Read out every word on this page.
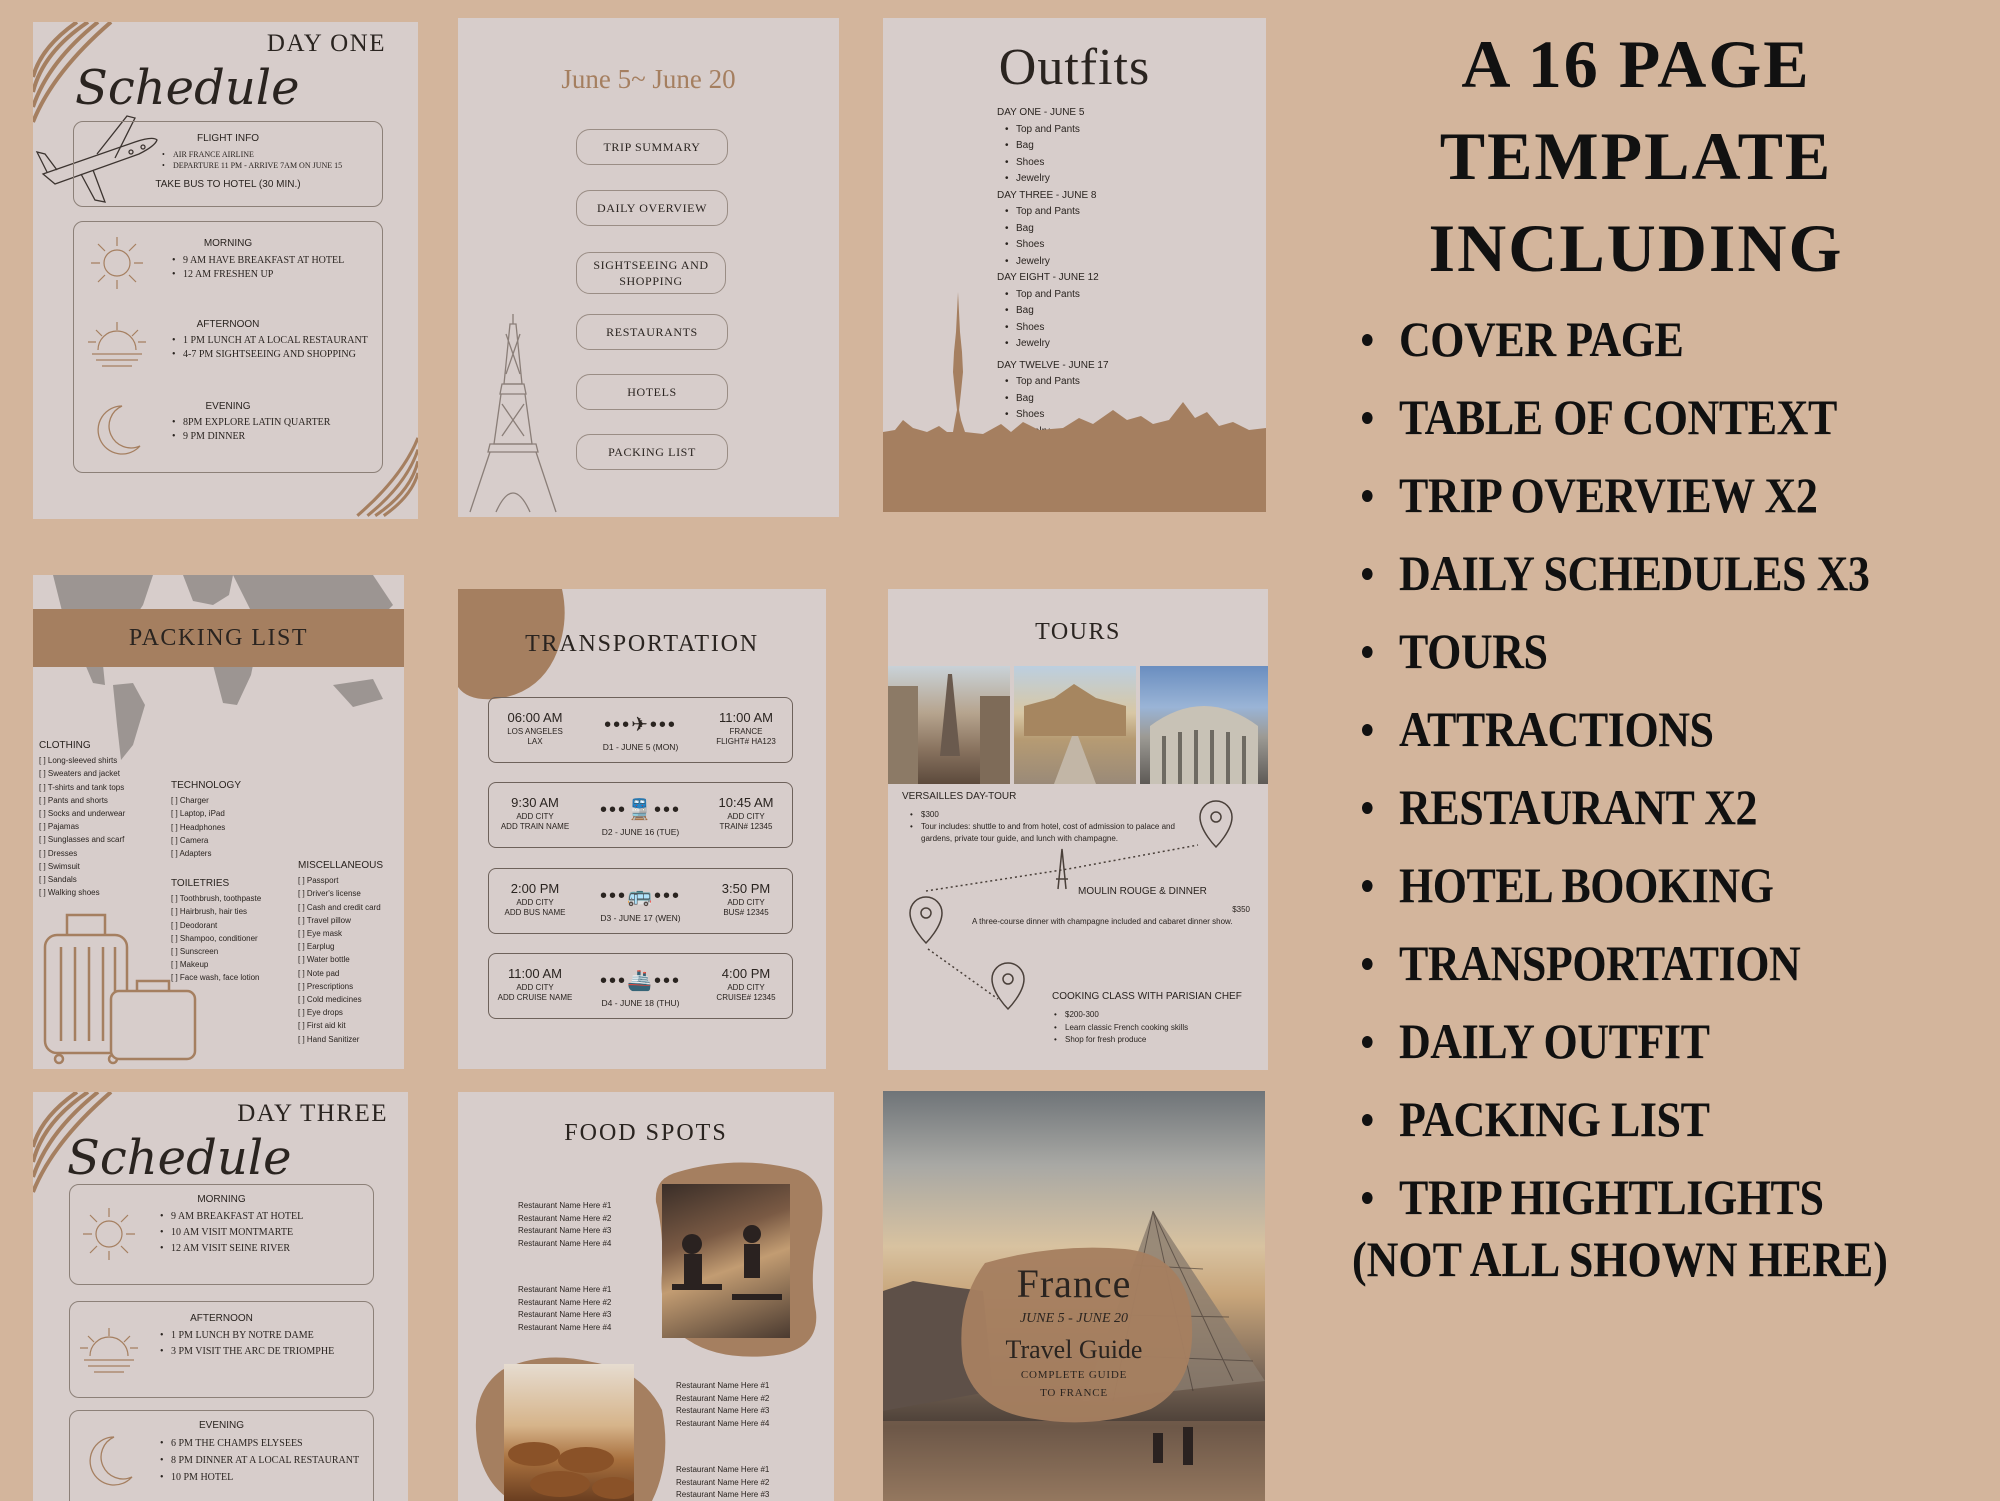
DAY ONE
Schedule
FLIGHT INFO
• AIR FRANCE AIRLINE
• DEPARTURE 11 PM - ARRIVE 7AM ON JUNE 15
TAKE BUS TO HOTEL (30 MIN.)
MORNING
• 9 AM HAVE BREAKFAST AT HOTEL
• 12 AM FRESHEN UP
AFTERNOON
• 1 PM LUNCH AT A LOCAL RESTAURANT
• 4-7 PM SIGHTSEEING AND SHOPPING
EVENING
• 8PM EXPLORE LATIN QUARTER
• 9 PM DINNER
June 5~ June 20
TRIP SUMMARY
DAILY OVERVIEW
SIGHTSEEING AND SHOPPING
RESTAURANTS
HOTELS
PACKING LIST
Outfits
DAY ONE - JUNE 5
• Top and Pants
• Bag
• Shoes
• Jewelry
DAY THREE - JUNE 8
• Top and Pants
• Bag
• Shoes
• Jewelry
DAY EIGHT - JUNE 12
• Top and Pants
• Bag
• Shoes
• Jewelry
DAY TWELVE - JUNE 17
• Top and Pants
• Bag
• Shoes
•
PACKING LIST
CLOTHING
[ ] Long-sleeved shirts
[ ] Sweaters and jacket
[ ] T-shirts and tank tops
[ ] Pants and shorts
[ ] Socks and underwear
[ ] Pajamas
[ ] Sunglasses and scarf
[ ] Dresses
[ ] Swimsuit
[ ] Sandals
[ ] Walking shoes
TECHNOLOGY
[ ] Charger
[ ] Laptop, iPad
[ ] Headphones
[ ] Camera
[ ] Adapters
TOILETRIES
[ ] Toothbrush, toothpaste
[ ] Hairbrush, hair ties
[ ] Deodorant
[ ] Shampoo, conditioner
[ ] Sunscreen
[ ] Makeup
[ ] Face wash, face lotion
MISCELLANEOUS
[ ] Passport
[ ] Driver's license
[ ] Cash and credit card
[ ] Travel pillow
[ ] Eye mask
[ ] Earplug
[ ] Water bottle
[ ] Note pad
[ ] Prescriptions
[ ] Cold medicines
[ ] Eye drops
[ ] First aid kit
[ ] Hand Sanitizer
TRANSPORTATION
06:00 AM
LOS ANGELES
LAX
•••✈•••
D1 - JUNE 5 (MON)
11:00 AM
FRANCE
FLIGHT# HA123
9:30 AM
ADD CITY
ADD TRAIN NAME
•••🚆•••
D2 - JUNE 16 (TUE)
10:45 AM
ADD CITY
TRAIN# 12345
2:00 PM
ADD CITY
ADD BUS NAME
•••🚌•••
D3 - JUNE 17 (WEN)
3:50 PM
ADD CITY
BUS# 12345
11:00 AM
ADD CITY
ADD CRUISE NAME
•••🚢•••
D4 - JUNE 18 (THU)
4:00 PM
ADD CITY
CRUISE# 12345
TOURS
VERSAILLES DAY-TOUR
• $300
• Tour includes: shuttle to and from hotel, cost of admission to palace and gardens, private tour guide, and lunch with champagne.
MOULIN ROUGE & DINNER
$350
A three-course dinner with champagne included and cabaret dinner show.
COOKING CLASS WITH PARISIAN CHEF
• $200-300
• Learn classic French cooking skills
• Shop for fresh produce
DAY THREE
Schedule
MORNING
• 9 AM BREAKFAST AT HOTEL
• 10 AM VISIT MONTMARTE
• 12 AM VISIT SEINE RIVER
AFTERNOON
• 1 PM LUNCH BY NOTRE DAME
• 3 PM VISIT THE ARC DE TRIOMPHE
EVENING
• 6 PM THE CHAMPS ELYSEES
• 8 PM DINNER AT A LOCAL RESTAURANT
• 10 PM HOTEL
FOOD SPOTS
Restaurant Name Here #1
Restaurant Name Here #2
Restaurant Name Here #3
Restaurant Name Here #4
Restaurant Name Here #1
Restaurant Name Here #2
Restaurant Name Here #3
Restaurant Name Here #4
Restaurant Name Here #1
Restaurant Name Here #2
Restaurant Name Here #3
Restaurant Name Here #4
Restaurant Name Here #1
Restaurant Name Here #2
Restaurant Name Here #3
France
JUNE 5 - JUNE 20
Travel Guide
COMPLETE GUIDE
TO FRANCE
A 16 PAGE
TEMPLATE
INCLUDING
COVER PAGE
TABLE OF CONTEXT
TRIP OVERVIEW X2
DAILY SCHEDULES X3
TOURS
ATTRACTIONS
RESTAURANT X2
HOTEL BOOKING
TRANSPORTATION
DAILY OUTFIT
PACKING LIST
TRIP HIGHTLIGHTS
(NOT ALL SHOWN HERE)
